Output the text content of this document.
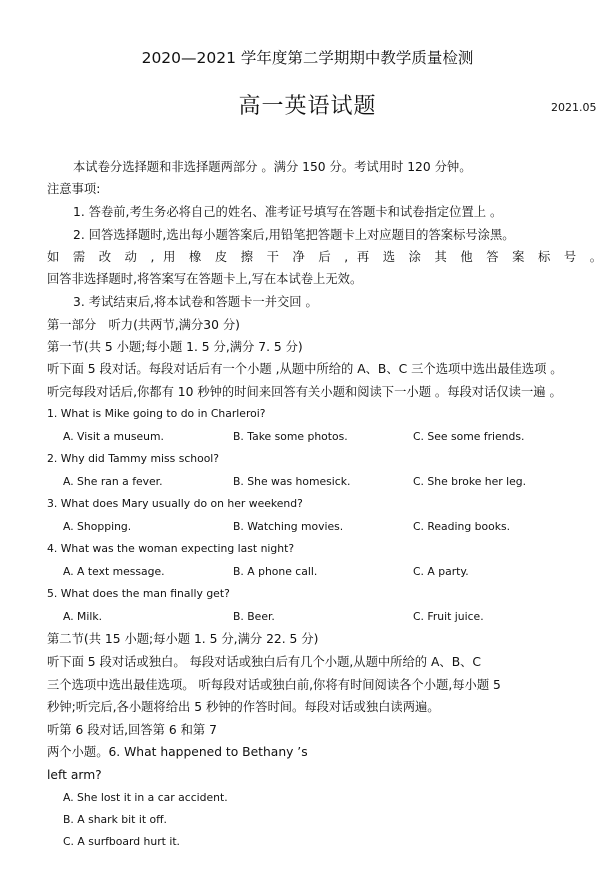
2020—2021 学年度第二学期期中教学质量检测
高一英语试题	2021.05
本试卷分选择题和非选择题两部分 。满分 150 分。考试用时 120 分钟。
注意事项:
1. 答卷前,考生务必将自己的姓名、准考证号填写在答题卡和试卷指定位置上 。
2. 回答选择题时,选出每小题答案后,用铅笔把答题卡上对应题目的答案标号涂黑。
如 需 改 动 , 用 橡 皮 擦 干 净 后 , 再 选 涂 其 他 答 案 标 号 。
回答非选择题时,将答案写在答题卡上,写在本试卷上无效。
3. 考试结束后,将本试卷和答题卡一并交回 。
第一部分　听力(共两节,满分30 分)
第一节(共 5 小题;每小题 1. 5 分,满分 7. 5 分)
听下面 5 段对话。每段对话后有一个小题 ,从题中所给的 A、B、C 三个选项中选出最佳选项 。
听完每段对话后,你都有 10 秒钟的时间来回答有关小题和阅读下一小题 。每段对话仅读一遍 。
1. What is Mike going to do in Charleroi?
A. Visit a museum.	B. Take some photos.	C. See some friends.
2. Why did Tammy miss school?
A. She ran a fever.	B. She was homesick.	C. She broke her leg.
3. What does Mary usually do on her weekend?
A. Shopping.	B. Watching movies.	C. Reading books.
4. What was the woman expecting last night?
A. A text message.	B. A phone call.	C. A party.
5. What does the man finally get?
A. Milk.	B. Beer.	C. Fruit juice.
第二节(共 15 小题;每小题 1. 5 分,满分 22. 5 分)
听下面 5 段对话或独白。 每段对话或独白后有几个小题,从题中所给的 A、B、C
三个选项中选出最佳选项。 听每段对话或独白前,你将有时间阅读各个小题,每小题 5
秒钟;听完后,各小题将给出 5 秒钟的作答时间。每段对话或独白读两遍。
听第 6 段对话,回答第 6 和第 7
两个小题。6. What happened to Bethany ’s
left arm?
A. She lost it in a car accident.
B. A shark bit it off.
C. A surfboard hurt it.
